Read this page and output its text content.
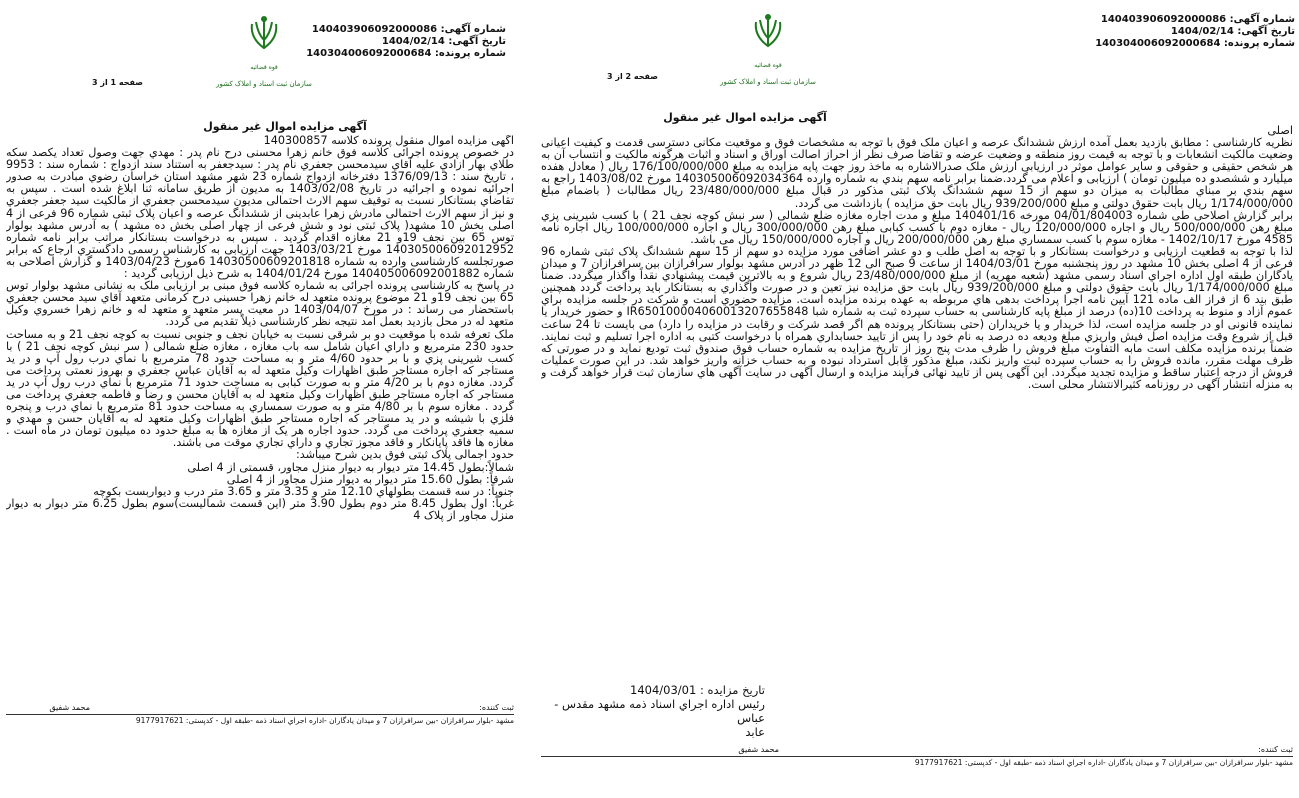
شماره آگهی: 140403906092000086
تاریخ آگهی: 1404/02/14
شماره پرونده: 140304006092000684
قوه قضائیه
سازمان ثبت اسناد و املاک کشور
صفحه 1 از 3
آگهی مزایده اموال غیر منقول

آگهی مزایده اموال منقول پرونده کلاسه 140300857

در خصوص پرونده اجرائی کلاسه فوق خانم زهرا محسنی درح نام پدر : مهدي جهت وصول تعداد یکصد سکه طلاي بهار ازادي علیه آقاي سیدمحسن جعفري نام پدر : سیدجعفر به استناد سند ازدواج : شماره سند : 9953 ، تاریخ سند : 1376/09/13 دفترخانه ازدواج شماره 23 شهر مشهد استان خراسان رضوي مبادرت به صدور اجرائیه نموده و اجرائیه در تاریخ 1403/02/08 به مدیون از طریق سامانه ثنا ابلاغ شده است . سپس به تقاضاي بستانکار نسبت به توقیف سهم الارث احتمالی مدیون سیدمحسن جعفري از مالکیت سید جعفر جعفري و نیز از سهم الارث احتمالی مادرش زهرا عابدینی از ششدانگ عرصه و اعیان پلاک ثبتی شماره 96 فرعی از 4 اصلی بخش 10 مشهد( پلاک ثبتی نود و شش فرعی از چهار اصلی بخش ده مشهد ) به آدرس مشهد بولوار توس 65 بین نجف 19و 21 مغازه اقدام گردید . سپس به درخواست بستانکار مراتب برابر نامه شماره 140305006092012952 مورخ 1403/03/21 جهت ارزیابی به کارشناس رسمی دادگستري ارجاع که برابر صورتجلسه کارشناسی وارده به شماره 14030500609201818 6مورخ 1403/04/23 و گزارش اصلاحی به شماره 140405006092001882 مورخ 1404/01/24 به شرح ذیل ارزیابی گردید :

در پاسخ به کارشناسی پرونده اجرائی به شماره کلاسه فوق مبنی بر ارزیابی ملک به نشانی مشهد بولوار توس 65 بین نجف 19و 21 موضوع پرونده متعهد له خانم زهرا حسینی درح کرمانی متعهد آقاي سید محسن جعفري باستحضار می رساند : در مورخ 1403/04/07 در معیت پسر متعهد و متعهد له و خانم زهرا خسروي وکیل متعهد له در محل بازدید بعمل آمد نتیجه نظر کارشناسی ذیلاً تقدیم می گردد.

ملک تعرفه شده با موقعیت دو بر شرقی نسبت به خیابان نجف و جنوبی نسبت به کوچه نجف 21 و به مساحت حدود 230 مترمربع و داراي اعیان شامل سه باب مغازه ، مغازه ضلع شمالی ( سر نبش کوچه نجف 21 ) با کسب شیرینی پزي و با بر حدود 4/60 متر و به مساحت حدود 78 مترمربع با نماي درب رول آپ و در ید مستاجر که اجاره مستاجر طبق اظهارات وکیل متعهد له به آقایان عباس جعفري و بهروز نعمتی پرداخت می گردد. مغازه دوم با بر 4/20 متر و به صورت کبابی به مساحت حدود 71 مترمربع با نماي درب رول آپ در ید مستاجر که اجاره مستاجر طبق اظهارات وکیل متعهد له به آقایان محسن و رضا و فاطمه جعفري پرداخت می گردد . مغازه سوم با بر 4/80 متر و به صورت سمساري به مساحت حدود 81 مترمربع با نماي درب و پنجره فلزي با شیشه و در ید مستاجر که اجاره مستاجر طبق اظهارات وکیل متعهد له به آقایان حسن و مهدي و سمیه جعفري پرداخت می گردد. حدود اجاره هر یک از مغازه ها به مبلغ حدود ده میلیون تومان در ماه است . مغازه ها فاقد پایانکار و فاقد مجوز تجاري و داراي تجاري موقت می باشند.

حدود اجمالی پلاک ثبتی فوق بدین شرح میباشد:

شمالاً:بطول 14.45 متر دیوار به دیوار منزل مجاور، قسمتی از 4 اصلی

شرقاً: بطول 15.60 متر دیوار به دیوار منزل مجاور از 4 اصلی

جنوباً: در سه قسمت بطولهاي 12.10 متر و 3.35 متر و 3.65 متر درب و دیواربست بکوچه

غرباً: اول بطول 8.45 متر دوم بطول 3.90 متر (این قسمت شمالیست)سوم بطول 6.25 متر دیوار به دیوار منزل مجاور از پلاک 4

ثبت کننده:
محمد شفیق
مشهد -بلوار سرافرازان -بین سرافرازان 7 و میدان یادگاران -اداره اجراي اسناد ذمه -طبقه اول - کدپستی: 9177917621
شماره آگهی: 140403906092000086
تاریخ آگهی: 1404/02/14
شماره پرونده: 140304006092000684
قوه قضائیه
سازمان ثبت اسناد و املاک کشور
صفحه 2 از 3
آگهی مزایده اموال غیر منقول

اصلی

نظریه کارشناسی : مطابق بازدید بعمل آمده ارزش ششدانگ عرصه و اعیان ملک فوق با توجه به مشخصات فوق و موقعیت مکانی دسترسی قدمت و کیفیت اعیانی وضعیت مالکیت انشعابات و با توجه به قیمت روز منطقه و وضعیت عرضه و تقاضا صرف نظر از احراز اصالت اوراق و اسناد و اثبات هرگونه مالکیت و انتساب آن به هر شخص حقیقی و حقوقی و سایر عوامل موثر در ارزیابی ارزش ملک صدرالاشاره به ماخذ روز جهت پایه مزایده به مبلغ 176/100/000/000 ریال ( معادل هفده میلیارد و ششصدو ده میلیون تومان ) ارزیابی و اعلام می گردد.ضمنا برابر نامه سهم بندي به شماره وارده 140305006092034364 مورخ 1403/08/02 راجع به سهم بندي بر مبناي مطالبات به میزان دو سهم از 15 سهم ششدانگ پلاک ثبتی مذکور در قبال مبلغ 23/480/000/000 ریال مطالبات ( باضمام مبلغ 1/174/000/000 ریال بابت حقوق دولتی و مبلغ 939/200/000 ریال بابت حق مزایده ) بازداشت می گردد.

برابر گزارش اصلاحی طی شماره 04/01/804003 مورخه 140401/16 مبلغ و مدت اجاره مغازه ضلع شمالی ( سر نبش کوچه نجف 21 ) با کسب شیرینی پزي مبلغ رهن 500/000/000 ریال و اجاره 120/000/000 ریال - مغازه دوم با کسب کبابی مبلغ رهن 300/000/000 ریال و اجاره 100/000/000 ریال اجاره نامه 4585 مورخ 1402/10/17 - مغازه سوم با کسب سمساري مبلغ رهن 200/000/000 ریال و اجاره 150/000/000 ریال می باشد.

لذا با توجه به قطعیت ارزیابی و درخواست بستانکار و با توجه به اصل طلب و دو عشر اضافی مورد مزایده دو سهم از 15 سهم ششدانگ پلاک ثبتی شماره 96 فرعی از 4 اصلی بخش 10 مشهد در روز پنجشنبه مورخ 1404/03/01 از ساعت 9 صبح الی 12 ظهر در آدرس مشهد بولوار سرافرازان بین سرافرازان 7 و میدان یادگاران طبقه اول اداره اجراي اسناد رسمی مشهد (شعبه مهریه) از مبلغ 23/480/000/000 ریال شروع و به بالاترین قیمت پیشنهادي نقداً واگذار میگردد. ضمناً مبلغ 1/174/000/000 ریال بابت حقوق دولتی و مبلغ 939/200/000 ریال بابت حق مزایده نیز تعین و در صورت واگذاري به بستانکار باید پرداخت گردد همچنین طبق بند 6 از فراز الف ماده 121 آیین نامه اجرا پرداخت بدهی هاي مربوطه به عهده برنده مزایده است. مزایده حضوري است و شرکت در جلسه مزایده براي عموم آزاد و منوط به پرداخت 10(ده) درصد از مبلغ پایه کارشناسی به حساب سپرده ثبت به شماره شبا IR650100004060013207655848 و حضور خریدار یا نماینده قانونی او در جلسه مزایده است، لذا خریدار و یا خریداران (حتی بستانکار پرونده هم اگر قصد شرکت و رقابت در مزایده را دارد) می بایست تا 24 ساعت قبل از شروع وقت مزایده اصل فیش واریزي مبلغ ودیعه ده درصد به نام خود را پس از تایید حسابداري همراه با درخواست کتبی به اداره اجرا تسلیم و ثبت نمایند. ضمناً برنده مزایده مکلف است مابه التفاوت مبلغ فروش را ظرف مدت پنج روز از تاریخ مزایده به شماره حساب فوق صندوق ثبت تودیع نماید و در صورتی که ظرف مهلت مقرر، مانده فروش را به حساب سپرده ثبت واریز نکند، مبلغ مذکور قابل استرداد نبوده و به حساب خزانه واریز خواهد شد. در این صورت عملیات فروش از درجه اعتبار ساقط و مزایده تجدید میگردد. این آگهی پس از تایید نهائی فرآیند مزایده و ارسال آگهی در سایت آگهی هاي سازمان ثبت قرار خواهد گرفت و به منزله انتشار آگهی در روزنامه کثیرالانتشار محلی است.

تاریخ مزایده : 1404/03/01
رئیس اداره اجراي اسناد ذمه مشهد مقدس - عباس
عابد
ثبت کننده:
محمد شفیق
مشهد -بلوار سرافرازان -بین سرافرازان 7 و میدان یادگاران -اداره اجراي اسناد ذمه -طبقه اول - کدپستی: 9177917621
